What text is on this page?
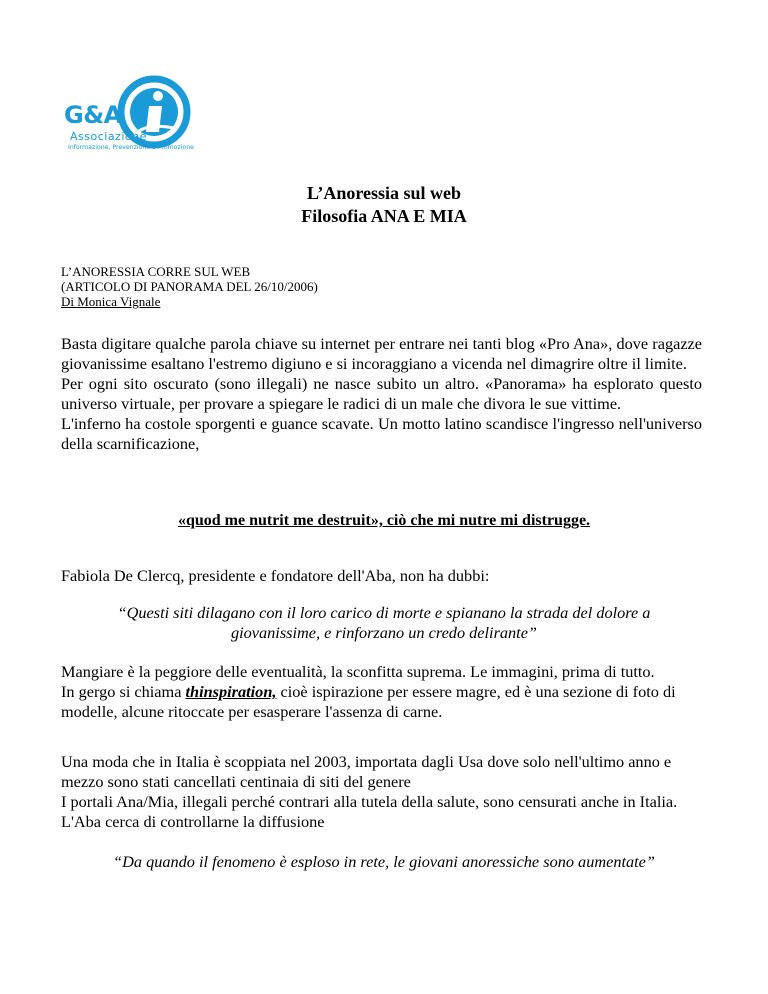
G&A
Associazione
Informazione, Prevenzione e Promozione
L’Anoressia sul web
Filosofia ANA E MIA
L’ANORESSIA CORRE SUL WEB
(ARTICOLO DI PANORAMA DEL 26/10/2006)
Di Monica Vignale
Basta digitare qualche parola chiave su internet per entrare nei tanti blog «Pro Ana», dove ragazze giovanissime esaltano l'estremo digiuno e si incoraggiano a vicenda nel dimagrire oltre il limite.
Per ogni sito oscurato (sono illegali) ne nasce subito un altro. «Panorama» ha esplorato questo universo virtuale, per provare a spiegare le radici di un male che divora le sue vittime.
L'inferno ha costole sporgenti e guance scavate. Un motto latino scandisce l'ingresso nell'universo della scarnificazione,
«quod me nutrit me destruit», ciò che mi nutre mi distrugge.
Fabiola De Clercq, presidente e fondatore dell'Aba, non ha dubbi:
“Questi siti dilagano con il loro carico di morte e spianano la strada del dolore a giovanissime, e rinforzano un credo delirante”
Mangiare è la peggiore delle eventualità, la sconfitta suprema. Le immagini, prima di tutto.
In gergo si chiama thinspiration, cioè ispirazione per essere magre, ed è una sezione di foto di modelle, alcune ritoccate per esasperare l'assenza di carne.
Una moda che in Italia è scoppiata nel 2003, importata dagli Usa dove solo nell'ultimo anno e mezzo sono stati cancellati centinaia di siti del genere
I portali Ana/Mia, illegali perché contrari alla tutela della salute, sono censurati anche in Italia. L'Aba cerca di controllarne la diffusione
“Da quando il fenomeno è esploso in rete, le giovani anoressiche sono aumentate”
